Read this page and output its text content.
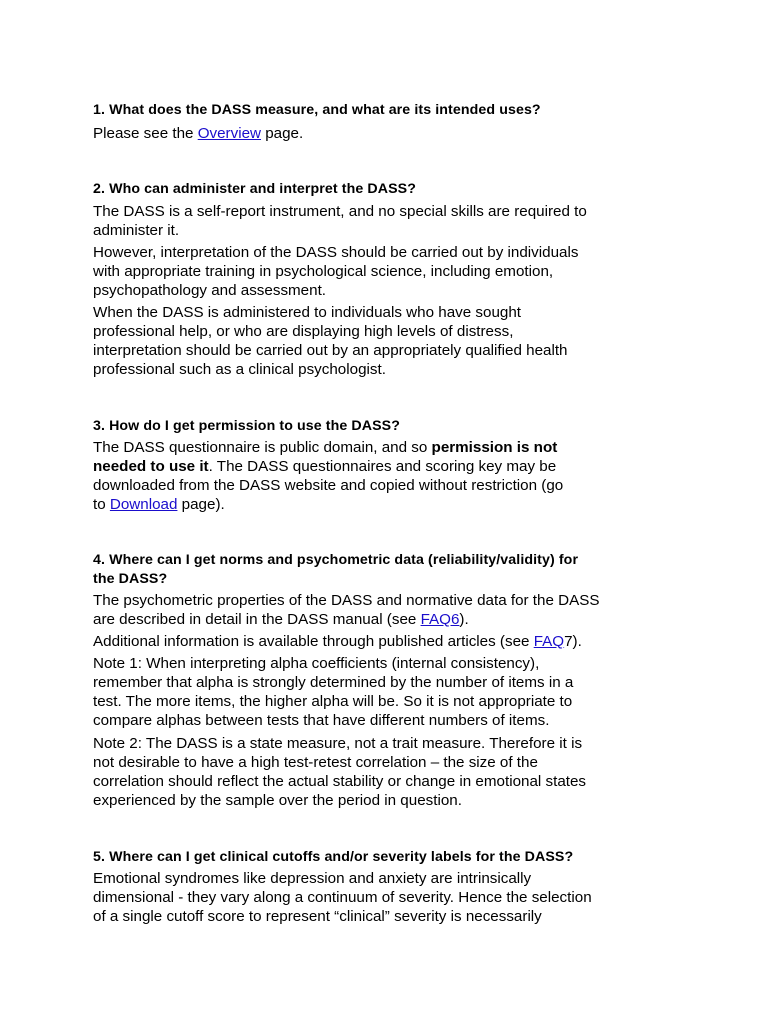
1. What does the DASS measure, and what are its intended uses?

Please see the Overview page.

2. Who can administer and interpret the DASS?

The DASS is a self-report instrument, and no special skills are required to

administer it.

However, interpretation of the DASS should be carried out by individuals

with appropriate training in psychological science, including emotion,

psychopathology and assessment.

When the DASS is administered to individuals who have sought

professional help, or who are displaying high levels of distress,

interpretation should be carried out by an appropriately qualified health

professional such as a clinical psychologist.

3. How do I get permission to use the DASS?

The DASS questionnaire is public domain, and so permission is not

needed to use it. The DASS questionnaires and scoring key may be

downloaded from the DASS website and copied without restriction (go

to Download page).

4. Where can I get norms and psychometric data (reliability/validity) for

the DASS?

The psychometric properties of the DASS and normative data for the DASS

are described in detail in the DASS manual (see FAQ6).

Additional information is available through published articles (see FAQ7).

Note 1: When interpreting alpha coefficients (internal consistency),

remember that alpha is strongly determined by the number of items in a

test. The more items, the higher alpha will be. So it is not appropriate to

compare alphas between tests that have different numbers of items.

Note 2: The DASS is a state measure, not a trait measure. Therefore it is

not desirable to have a high test-retest correlation – the size of the

correlation should reflect the actual stability or change in emotional states

experienced by the sample over the period in question.

5. Where can I get clinical cutoffs and/or severity labels for the DASS?

Emotional syndromes like depression and anxiety are intrinsically

dimensional - they vary along a continuum of severity. Hence the selection

of a single cutoff score to represent “clinical” severity is necessarily
